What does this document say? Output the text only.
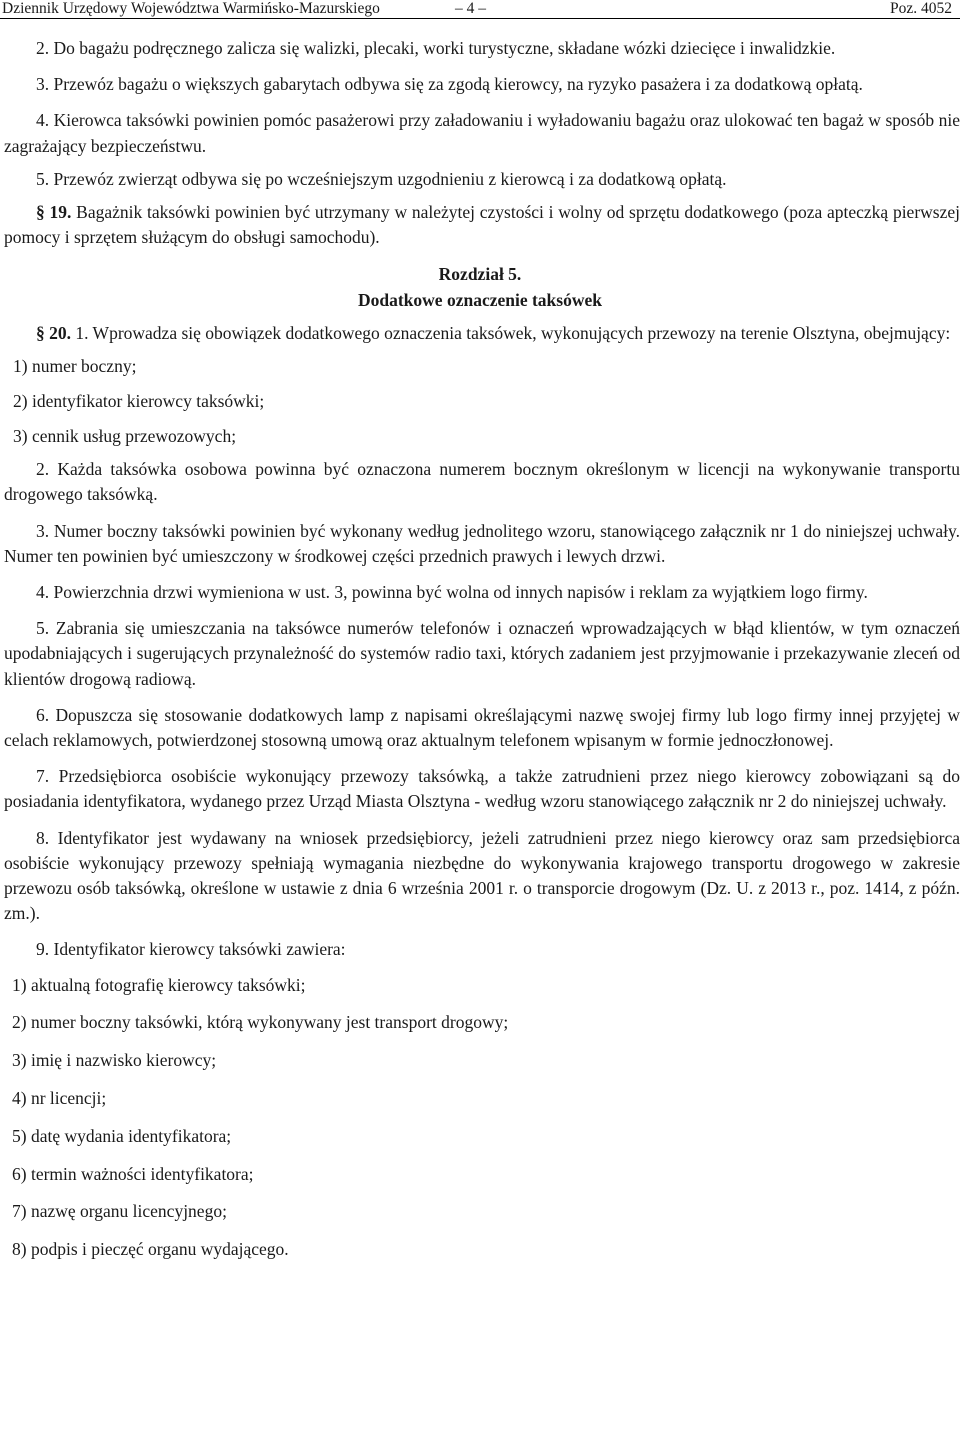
Dziennik Urzędowy Województwa Warmińsko-Mazurskiego	– 4 –	Poz. 4052

2. Do bagażu podręcznego zalicza się walizki, plecaki, worki turystyczne, składane wózki dziecięce i inwalidzkie.

3. Przewóz bagażu o większych gabarytach odbywa się za zgodą kierowcy, na ryzyko pasażera i za dodatkową opłatą.

4. Kierowca taksówki powinien pomóc pasażerowi przy załadowaniu i wyładowaniu bagażu oraz ulokować ten bagaż w sposób nie zagrażający bezpieczeństwu.

5. Przewóz zwierząt odbywa się po wcześniejszym uzgodnieniu z kierowcą i za dodatkową opłatą.

§ 19. Bagażnik taksówki powinien być utrzymany w należytej czystości i wolny od sprzętu dodatkowego (poza apteczką pierwszej pomocy i sprzętem służącym do obsługi samochodu).

Rozdział 5.
Dodatkowe oznaczenie taksówek

§ 20. 1. Wprowadza się obowiązek dodatkowego oznaczenia taksówek, wykonujących przewozy na terenie Olsztyna, obejmujący:

1) numer boczny;
2) identyfikator kierowcy taksówki;
3) cennik usług przewozowych;

2. Każda taksówka osobowa powinna być oznaczona numerem bocznym określonym w licencji na wykonywanie transportu drogowego taksówką.

3. Numer boczny taksówki powinien być wykonany według jednolitego wzoru, stanowiącego załącznik nr 1 do niniejszej uchwały. Numer ten powinien być umieszczony w środkowej części przednich prawych i lewych drzwi.

4. Powierzchnia drzwi wymieniona w ust. 3, powinna być wolna od innych napisów i reklam za wyjątkiem logo firmy.

5. Zabrania się umieszczania na taksówce numerów telefonów i oznaczeń wprowadzających w błąd klientów, w tym oznaczeń upodabniających i sugerujących przynależność do systemów radio taxi, których zadaniem jest przyjmowanie i przekazywanie zleceń od klientów drogową radiową.

6. Dopuszcza się stosowanie dodatkowych lamp z napisami określającymi nazwę swojej firmy lub logo firmy innej przyjętej w celach reklamowych, potwierdzonej stosowną umową oraz aktualnym telefonem wpisanym w formie jednoczłonowej.

7. Przedsiębiorca osobiście wykonujący przewozy taksówką, a także zatrudnieni przez niego kierowcy zobowiązani są do posiadania identyfikatora, wydanego przez Urząd Miasta Olsztyna - według wzoru stanowiącego załącznik nr 2 do niniejszej uchwały.

8. Identyfikator jest wydawany na wniosek przedsiębiorcy, jeżeli zatrudnieni przez niego kierowcy oraz sam przedsiębiorca osobiście wykonujący przewozy spełniają wymagania niezbędne do wykonywania krajowego transportu drogowego w zakresie przewozu osób taksówką, określone w ustawie z dnia 6 września 2001 r. o transporcie drogowym (Dz. U. z 2013 r., poz. 1414, z późn. zm.).

9. Identyfikator kierowcy taksówki zawiera:

1) aktualną fotografię kierowcy taksówki;
2) numer boczny taksówki, którą wykonywany jest transport drogowy;
3) imię i nazwisko kierowcy;
4) nr licencji;
5) datę wydania identyfikatora;
6) termin ważności identyfikatora;
7) nazwę organu licencyjnego;
8) podpis i pieczęć organu wydającego.
